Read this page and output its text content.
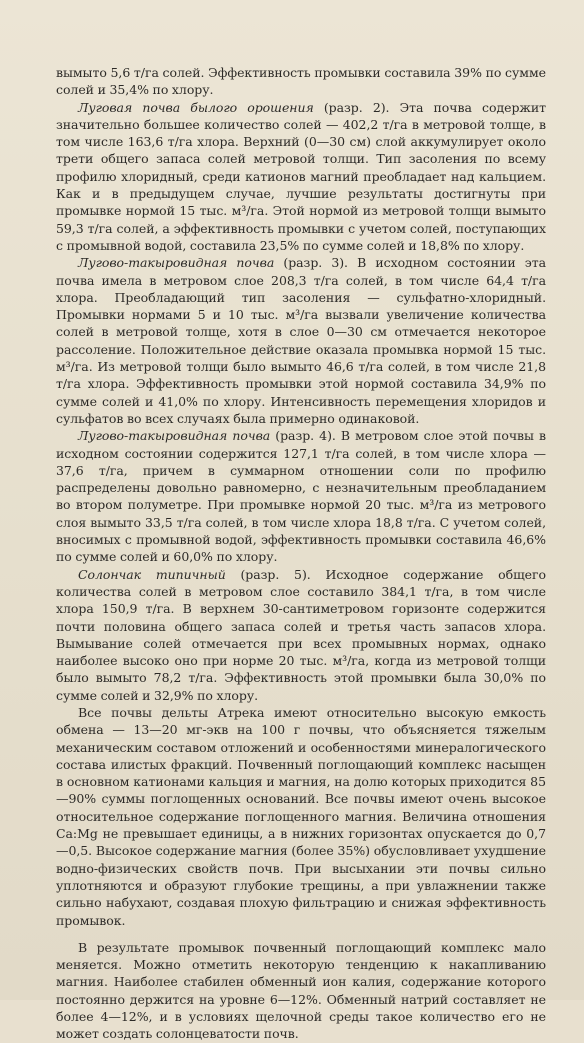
вымыто 5,6 т/га солей. Эффективность промывки составила 39% по сумме солей и 35,4% по хлору.

Луговая почва былого орошения (разр. 2). Эта почва содержит значительно большее количество солей — 402,2 т/га в метровой толще, в том числе 163,6 т/га хлора. Верхний (0—30 см) слой аккумулирует около трети общего запаса солей метровой толщи. Тип засоления по всему профилю хлоридный, среди катионов магний преобладает над кальцием. Как и в предыдущем случае, лучшие результаты достигнуты при промывке нормой 15 тыс. м³/га. Этой нормой из метровой толщи вымыто 59,3 т/га солей, а эффективность промывки с учетом солей, поступающих с промывной водой, составила 23,5% по сумме солей и 18,8% по хлору.

Лугово-такыровидная почва (разр. 3). В исходном состоянии эта почва имела в метровом слое 208,3 т/га солей, в том числе 64,4 т/га хлора. Преобладающий тип засоления — сульфатно-хлоридный. Промывки нормами 5 и 10 тыс. м³/га вызвали увеличение количества солей в метровой толще, хотя в слое 0—30 см отмечается некоторое рассоление. Положительное действие оказала промывка нормой 15 тыс. м³/га. Из метровой толщи было вымыто 46,6 т/га солей, в том числе 21,8 т/га хлора. Эффективность промывки этой нормой составила 34,9% по сумме солей и 41,0% по хлору. Интенсивность перемещения хлоридов и сульфатов во всех случаях была примерно одинаковой.

Лугово-такыровидная почва (разр. 4). В метровом слое этой почвы в исходном состоянии содержится 127,1 т/га солей, в том числе хлора — 37,6 т/га, причем в суммарном отношении соли по профилю распределены довольно равномерно, с незначительным преобладанием во втором полуметре. При промывке нормой 20 тыс. м³/га из метрового слоя вымыто 33,5 т/га солей, в том числе хлора 18,8 т/га. С учетом солей, вносимых с промывной водой, эффективность промывки составила 46,6% по сумме солей и 60,0% по хлору.

Солончак типичный (разр. 5). Исходное содержание общего количества солей в метровом слое составило 384,1 т/га, в том числе хлора 150,9 т/га. В верхнем 30-сантиметровом горизонте содержится почти половина общего запаса солей и третья часть запасов хлора. Вымывание солей отмечается при всех промывных нормах, однако наиболее высоко оно при норме 20 тыс. м³/га, когда из метровой толщи было вымыто 78,2 т/га. Эффективность этой промывки была 30,0% по сумме солей и 32,9% по хлору.

Все почвы дельты Атрека имеют относительно высокую емкость обмена — 13—20 мг-экв на 100 г почвы, что объясняется тяжелым механическим составом отложений и особенностями минералогического состава илистых фракций. Почвенный поглощающий комплекс насыщен в основном катионами кальция и магния, на долю которых приходится 85—90% суммы поглощенных оснований. Все почвы имеют очень высокое относительное содержание поглощенного магния. Величина отношения Ca:Mg не превышает единицы, а в нижних горизонтах опускается до 0,7—0,5. Высокое содержание магния (более 35%) обусловливает ухудшение водно-физических свойств почв. При высыхании эти почвы сильно уплотняются и образуют глубокие трещины, а при увлажнении также сильно набухают, создавая плохую фильтрацию и снижая эффективность промывок.

В результате промывок почвенный поглощающий комплекс мало меняется. Можно отметить некоторую тенденцию к накапливанию магния. Наиболее стабилен обменный ион калия, содержание которого постоянно держится на уровне 6—12%. Обменный натрий составляет не более 4—12%, и в условиях щелочной среды такое количество его не может создать солонцеватости почв.
